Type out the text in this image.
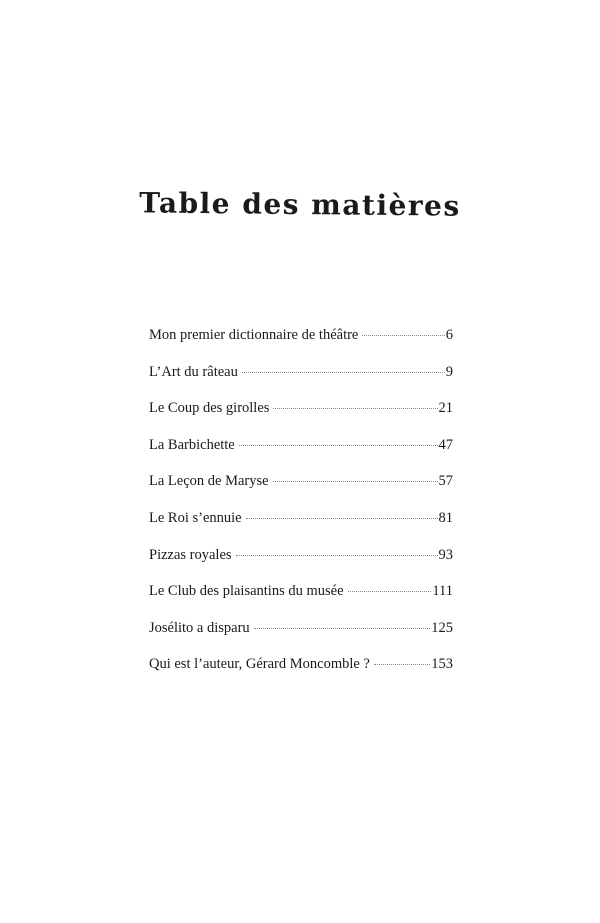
Table des matières
Mon premier dictionnaire de théâtre	6
L’Art du râteau	9
Le Coup des girolles	21
La Barbichette	47
La Leçon de Maryse	57
Le Roi s’ennuie	81
Pizzas royales	93
Le Club des plaisantins du musée	111
Josélito a disparu	125
Qui est l’auteur, Gérard Moncomble ?	153
